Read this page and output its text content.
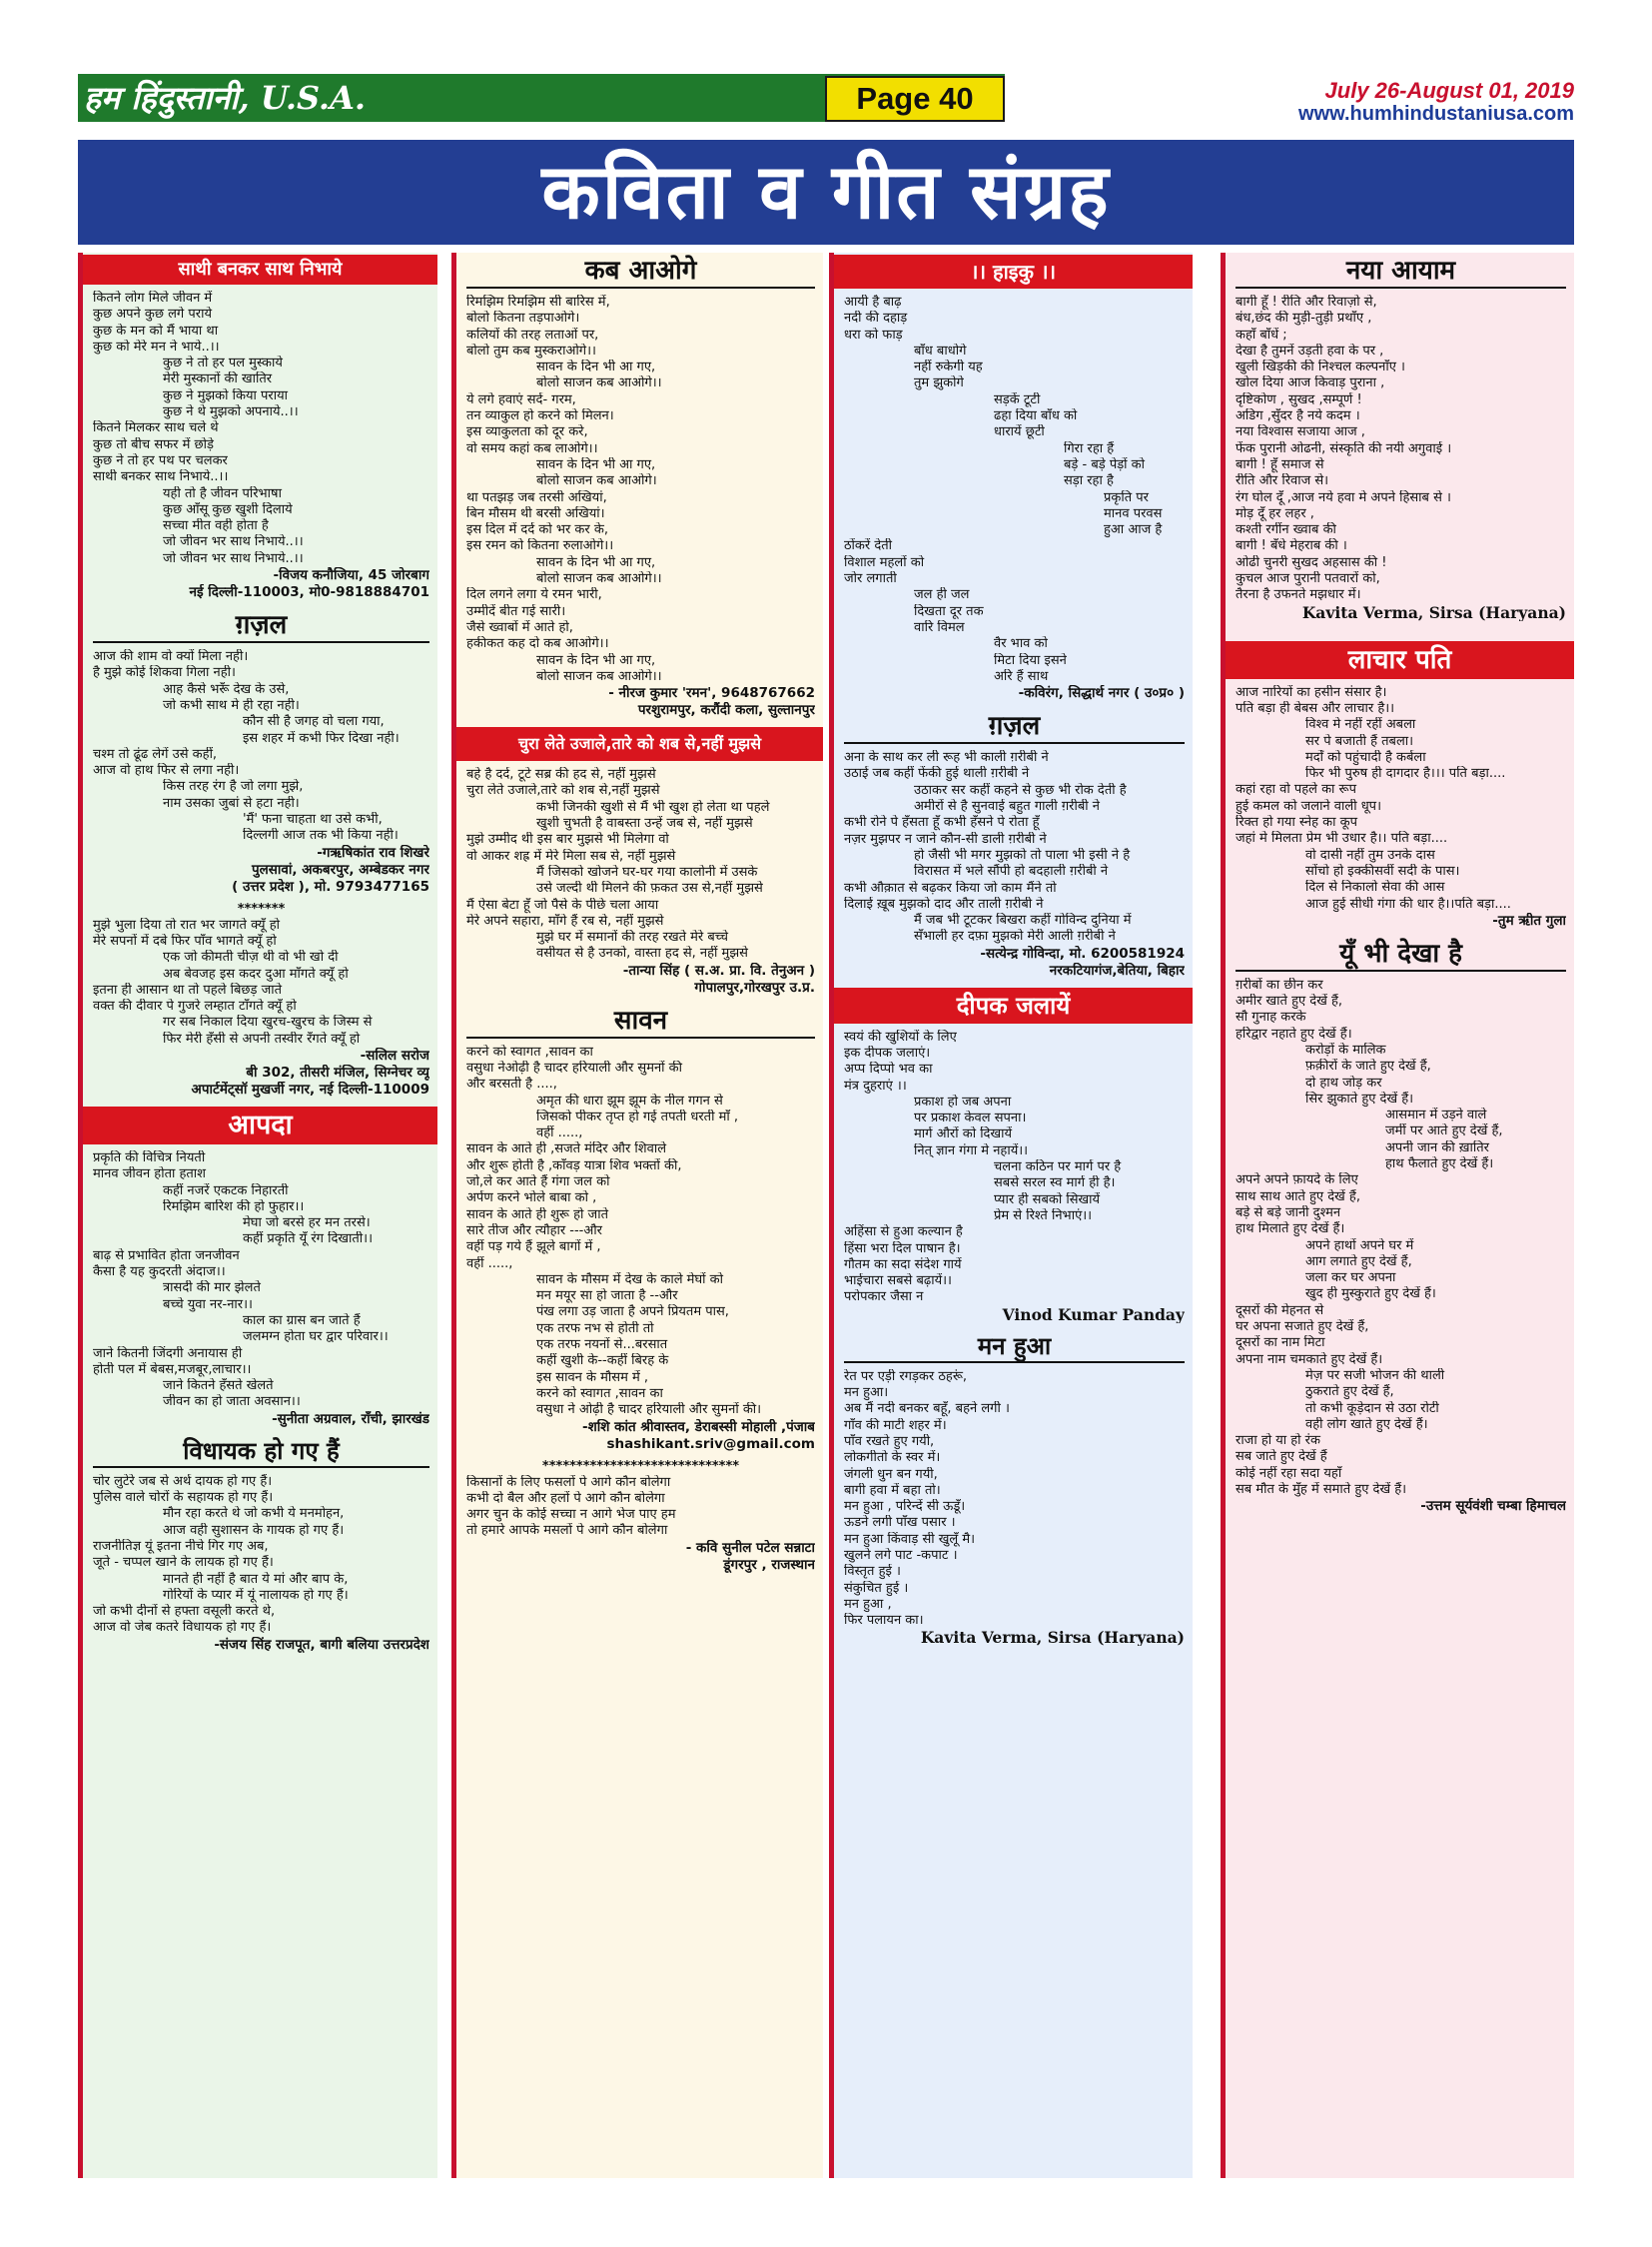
हम हिंदुस्तानी, U.S.A.	Page 40	July 26-August 01, 2019
www.humhindustaniusa.com
कविता व गीत संग्रह
साथी बनकर साथ निभाये
कितने लोग मिले जीवन में
कुछ अपने कुछ लगे पराये
कुछ के मन को मैं भाया था
कुछ को मेरे मन ने भाये..।।
कुछ ने तो हर पल मुस्काये
मेरी मुस्कानों की खातिर
कुछ ने मुझको किया पराया
कुछ ने थे मुझको अपनाये..।।
कितने मिलकर साथ चले थे
कुछ तो बीच सफर में छोड़े
कुछ ने तो हर पथ पर चलकर
साथी बनकर साथ निभाये..।।
यही तो है जीवन परिभाषा
कुछ आँसू कुछ खुशी दिलाये
सच्चा मीत वही होता है
जो जीवन भर साथ निभाये..।।
जो जीवन भर साथ निभाये..।।
-विजय कनौजिया, 45 जोरबाग
नई दिल्ली-110003, मो0-9818884701
ग़ज़ल
आज की शाम वो क्यों मिला नही।
है मुझे कोई शिकवा गिला नही।
आह कैसे भरूँ देख के उसे,
जो कभी साथ मे ही रहा नही।
कौन सी है जगह वो चला गया,
इस शहर में कभी फिर दिखा नही।
चश्म तो ढूंढ लेगें उसे कहीं,
आज वो हाथ फिर से लगा नही।
किस तरह रंग है जो लगा मुझे,
नाम उसका जुबां से हटा नही।
'मैं' फना चाहता था उसे कभी,
दिल्लगी आज तक भी किया नही।
-गऋषिकांत राव शिखरे
पुलसावां, अकबरपुर, अम्बेडकर नगर
( उत्तर प्रदेश ), मो. 9793477165
*******
मुझे भुला दिया तो रात भर जागते क्यूँ हो
मेरे सपनों में दबे फिर पाँव भागते क्यूँ हो
एक जो कीमती चीज़ थी वो भी खो दी
अब बेवजह इस कदर दुआ माँगते क्यूँ हो
इतना ही आसान था तो पहले बिछड़ जाते
वक्त की दीवार पे गुजरे लम्हात टाँगते क्यूँ हो
गर सब निकाल दिया खुरच-खुरच के जिस्म से
फिर मेरी हँसी से अपनी तस्वीर रँगते क्यूँ हो
-सलिल सरोज
बी 302, तीसरी मंजिल, सिग्नेचर व्यू
अपार्टमेंट्सॉ मुखर्जी नगर, नई दिल्ली-110009
आपदा
प्रकृति की विचित्र नियती
मानव जीवन होता हताश
कहीं नजरें एकटक निहारती
रिमझिम बारिश की हो फुहार।।
मेघा जो बरसे हर मन तरसे।
कहीं प्रकृति यूँ रंग दिखाती।।
बाढ़ से प्रभावित होता जनजीवन
कैसा है यह कुदरती अंदाज।।
त्रासदी की मार झेलते
बच्चे युवा नर-नार।।
काल का ग्रास बन जाते हैं
जलमग्न होता घर द्वार परिवार।।
जाने कितनी जिंदगी अनायास ही
होती पल में बेबस,मजबूर,लाचार।।
जाने कितने हँसते खेलते
जीवन का हो जाता अवसान।।
-सुनीता अग्रवाल, राँची, झारखंड
विधायक हो गए हैं
चोर लुटेरे जब से अर्थ दायक हो गए हैं।
पुलिस वाले चोरों के सहायक हो गए हैं।
मौन रहा करते थे जो कभी ये मनमोहन,
आज वही सुशासन के गायक हो गए हैं।
राजनीतिज्ञ यूं इतना नीचे गिर गए अब,
जूते - चप्पल खाने के लायक हो गए हैं।
मानते ही नहीं है बात ये मां और बाप के,
गोरियों के प्यार में यूं नालायक हो गए हैं।
जो कभी दीनों से हफ्ता वसूली करते थे,
आज वो जेब कतरे विधायक हो गए हैं।
-संजय सिंह राजपूत, बागी बलिया उत्तरप्रदेश
कब आओगे
रिमझिम रिमझिम सी बारिस में,
बोलो कितना तड़पाओगे।
कलियों की तरह लताओं पर,
बोलो तुम कब मुस्कराओगे।।
सावन के दिन भी आ गए,
बोलो साजन कब आओगे।।
ये लगे हवाएं सर्द- गरम,
तन व्याकुल हो करने को मिलन।
इस व्याकुलता को दूर करे,
वो समय कहां कब लाओगे।।
सावन के दिन भी आ गए,
बोलो साजन कब आओगे।
था पतझड़ जब तरसी अखियां,
बिन मौसम थी बरसी अखियां।
इस दिल में दर्द को भर कर के,
इस रमन को कितना रुलाओगे।।
सावन के दिन भी आ गए,
बोलो साजन कब आओगे।।
दिल लगने लगा ये रमन भारी,
उम्मीदें बीत गई सारी।
जैसे ख्वाबों में आते हो,
हकीकत कह दो कब आओगे।।
सावन के दिन भी आ गए,
बोलो साजन कब आओगे।।
- नीरज कुमार 'रमन', 9648767662
परशुरामपुर, करौंदी कला, सुल्तानपुर
चुरा लेते उजाले,तारे को शब से,नहीं मुझसे
बहे है दर्द, टूटे सब्र की हद से, नहीं मुझसे
चुरा लेते उजाले,तारे को शब से,नहीं मुझसे
कभी जिनकी खुशी से मैं भी खुश हो लेता था पहले
खुशी चुभती है वाबस्ता उन्हें जब से, नहीं मुझसे
मुझे उम्मीद थी इस बार मुझसे भी मिलेगा वो
वो आकर शह्र में मेरे मिला सब से, नहीं मुझसे
मैं जिसको खोजने घर-घर गया कालोनी में उसके
उसे जल्दी थी मिलने की फ़कत उस से,नहीं मुझसे
मैं ऐसा बेटा हूँ जो पैसे के पीछे चला आया
मेरे अपने सहारा, माँगे हैं रब से, नहीं मुझसे
मुझे घर में समानों की तरह रखते मेरे बच्चे
वसीयत से है उनको, वास्ता हद से, नहीं मुझसे
-तान्या सिंह ( स.अ. प्रा. वि. तेनुअन )
गोपालपुर,गोरखपुर उ.प्र.
सावन
करने को स्वागत ,सावन का
वसुधा नेओढ़ी है चादर हरियाली और सुमनों की
और बरसती है ....,
अमृत की धारा झूम झूम के नील गगन से
जिसको पीकर तृप्त हो गई तपती धरती माँ ,
वहीं .....,
सावन के आते ही ,सजते मंदिर और शिवाले
और शुरू होती है ,काँवड़ यात्रा शिव भक्तों की,
जो,ले कर आते हैं गंगा जल को
अर्पण करने भोले बाबा को ,
सावन के आते ही शुरू हो जाते
सारे तीज और त्यौहार ---और
वहीं पड़ गये हैं झूले बागों में ,
वहीं .....,
सावन के मौसम में देख के काले मेघों को
मन मयूर सा हो जाता है --और
पंख लगा उड़ जाता है अपने प्रियतम पास,
एक तरफ नभ से होती तो
एक तरफ नयनों से...बरसात
कहीं खुशी के--कहीं बिरह के
इस सावन के मौसम में ,
करने को स्वागत ,सावन का
वसुधा ने ओढ़ी है चादर हरियाली और सुमनों की।
-शशि कांत श्रीवास्तव, डेराबस्सी मोहाली ,पंजाब
shashikant.sriv@gmail.com
*****************************
किसानों के लिए फसलों पे आगे कौन बोलेगा
कभी दो बैल और हलों पे आगे कौन बोलेगा
अगर चुन के कोई सच्चा न आगे भेज पाए हम
तो हमारे आपके मसलों पे आगे कौन बोलेगा
- कवि सुनील पटेल सन्नाटा
डूंगरपुर , राजस्थान
।। हाइकु ।।
आयी है बाढ़
नदी की दहाड़
धरा को फाड़
बाँध बाधोगे
नहीं रुकेगी यह
तुम झुकोगे
सड़कें टूटी
ढहा दिया बाँध को
धारायें छूटी
गिरा रहा हैं
बड़े - बड़े पेड़ों को
सड़ा रहा है
प्रकृति पर
मानव परवस
हुआ आज है
ठोंकरें देती
विशाल महलों को
जोर लगाती
जल ही जल
दिखता दूर तक
वारि विमल
वैर भाव को
मिटा दिया इसने
अरि हैं साथ
-कविरंग, सिद्धार्थ नगर ( उ०प्र० )
ग़ज़ल
अना के साथ कर ली रूह भी काली ग़रीबी ने
उठाई जब कहीं फेंकी हुई थाली ग़रीबी ने
उठाकर सर कहीं कहने से कुछ भी रोक देती है
अमीरों से है सुनवाई बहुत गाली ग़रीबी ने
कभी रोने पे हँसता हूँ कभी हँसने पे रोता हूँ
नज़र मुझपर न जाने कौन-सी डाली ग़रीबी ने
हो जैसी भी मगर मुझको तो पाला भी इसी ने है
विरासत में भले सौंपी हो बदहाली ग़रीबी ने
कभी औक़ात से बढ़कर किया जो काम मैंने तो
दिलाई ख़ूब मुझको दाद और ताली ग़रीबी ने
मैं जब भी टूटकर बिखरा कहीं गोविन्द दुनिया में
सँभाली हर दफ़ा मुझको मेरी आली ग़रीबी ने
-सत्येन्द्र गोविन्दा, मो. 6200581924
नरकटियागंज,बेतिया, बिहार
दीपक जलायें
स्वयं की खुशियों के लिए
इक दीपक जलाएं।
अप्प दिप्पो भव का
मंत्र दुहराएं ।।
प्रकाश हो जब अपना
पर प्रकाश केवल सपना।
मार्ग औरों को दिखायें
नित् ज्ञान गंगा मे नहायें।।
चलना कठिन पर मार्ग पर है
सबसे सरल स्व मार्ग ही है।
प्यार ही सबको सिखायें
प्रेम से रिश्ते निभाएं।।
अहिंसा से हुआ कल्यान है
हिंसा भरा दिल पाषान है।
गौतम का सदा संदेश गायें
भाईचारा सबसे बढ़ायें।।
परोपकार जैसा न
Vinod Kumar Panday
मन हुआ
रेत पर एड़ी रगड़कर ठहरूं,
मन हुआ।
अब मैं नदी बनकर बहूँ, बहने लगी ।
गाँव की माटी शहर में।
पाँव रखते हुए गयी,
लोकगीतो के स्वर में।
जंगली धुन बन गयी,
बागी हवा में बहा तो।
मन हुआ , परिन्दें सी ऊडूँ।
ऊडने लगी पाँख पसार ।
मन हुआ किंवाड़ सी खुलूँ मै।
खुलने लगे पाट -कपाट ।
विस्तृत हुई ।
संकुचित हुई ।
मन हुआ ,
फिर पलायन का।
Kavita Verma, Sirsa (Haryana)
नया आयाम
बागी हूँ ! रीति और रिवाज़ो से,
बंध,छंद की मुड़ी-तुड़ी प्रथाँए ,
कहाँ बाँधें ;
देखा है तुमनें उड़ती हवा के पर ,
खुली खिड़की की निश्चल कल्पनाँए ।
खोल दिया आज किवाड़ पुराना ,
दृष्टिकोण , सुखद ,सम्पूर्ण !
अडिग ,सुँदर है नये कदम ।
नया विश्वास सजाया आज ,
फेंक पुरानी ओढनी, संस्कृति की नयी अगुवाई ।
बागी ! हूँ समाज से
रीति और रिवाज से।
रंग घोल दूँ ,आज नये हवा मे अपने हिसाब से ।
मोड़ दूँ हर लहर ,
कश्ती रगींन ख्वाब की
बागी ! बँधे मेहराब की ।
ओढी चुनरी सुखद अहसास की !
कुचल आज पुरानी पतवारों को,
तैरना है उफनते मझधार में।
Kavita Verma, Sirsa (Haryana)
लाचार पति
आज नारियों का हसीन संसार है।
पति बड़ा ही बेबस और लाचार है।।
विश्व मे नहीं रहीं अबला
सर पे बजाती हैं तबला।
मर्दों को पहुंचादी है कर्बला
फिर भी पुरुष ही दागदार है।।। पति बड़ा....
कहां रहा वो पहले का रूप
हुई कमल को जलाने वाली धूप।
रिक्त हो गया स्नेह का कूप
जहां मे मिलता प्रेम भी उधार है।। पति बड़ा....
वो दासी नहीं तुम उनके दास
सोंचो हो इक्कीसवीं सदी के पास।
दिल से निकालो सेवा की आस
आज हुई सीधी गंगा की धार है।।पति बड़ा....
-तुम ऋीत गुला
यूँ भी देखा है
ग़रीबों का छीन कर
अमीर खाते हुए देखें हैं,
सौ गुनाह करके
हरिद्वार नहाते हुए देखें हैं।
करोड़ों के मालिक
फ़क़ीरों के जाते हुए देखें हैं,
दो हाथ जोड़ कर
सिर झुकाते हुए देखें हैं।
आसमान में उड़ने वाले
जमीं पर आते हुए देखें हैं,
अपनी जान की ख़ातिर
हाथ फैलाते हुए देखें हैं।
अपने अपने फ़ायदे के लिए
साथ साथ आते हुए देखें हैं,
बड़े से बड़े जानी दुश्मन
हाथ मिलाते हुए देखें हैं।
अपने हाथों अपने घर में
आग लगाते हुए देखें हैं,
जला कर घर अपना
खुद ही मुस्कुराते हुए देखें हैं।
दूसरों की मेहनत से
घर अपना सजाते हुए देखें हैं,
दूसरों का नाम मिटा
अपना नाम चमकाते हुए देखें हैं।
मेज़ पर सजी भोजन की थाली
ठुकराते हुए देखें हैं,
तो कभी कूड़ेदान से उठा रोटी
वही लोग खाते हुए देखें हैं।
राजा हो या हो रंक
सब जाते हुए देखें हैं
कोई नहीं रहा सदा यहाँ
सब मौत के मुँह में समाते हुए देखें हैं।
-उत्तम सूर्यवंशी चम्बा हिमाचल
